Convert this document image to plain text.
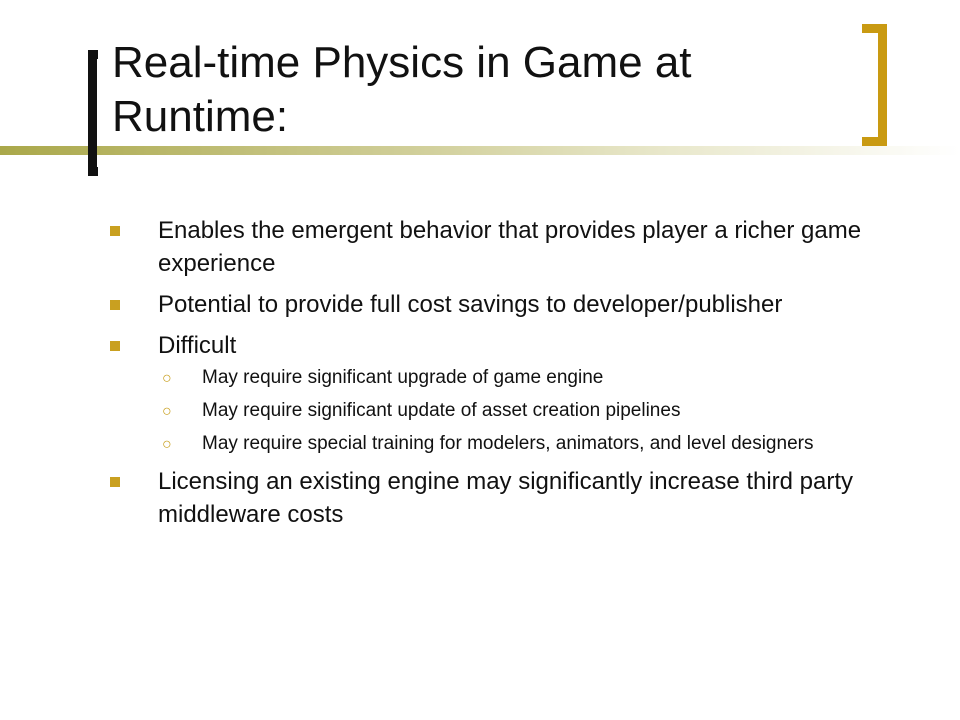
Real-time Physics in Game at Runtime:
Enables the emergent behavior that provides player a richer game experience
Potential to provide full cost savings to developer/publisher
Difficult
○ May require significant upgrade of game engine
○ May require significant update of asset creation pipelines
○ May require special training for modelers, animators, and level designers
Licensing an existing engine may significantly increase third party middleware costs
